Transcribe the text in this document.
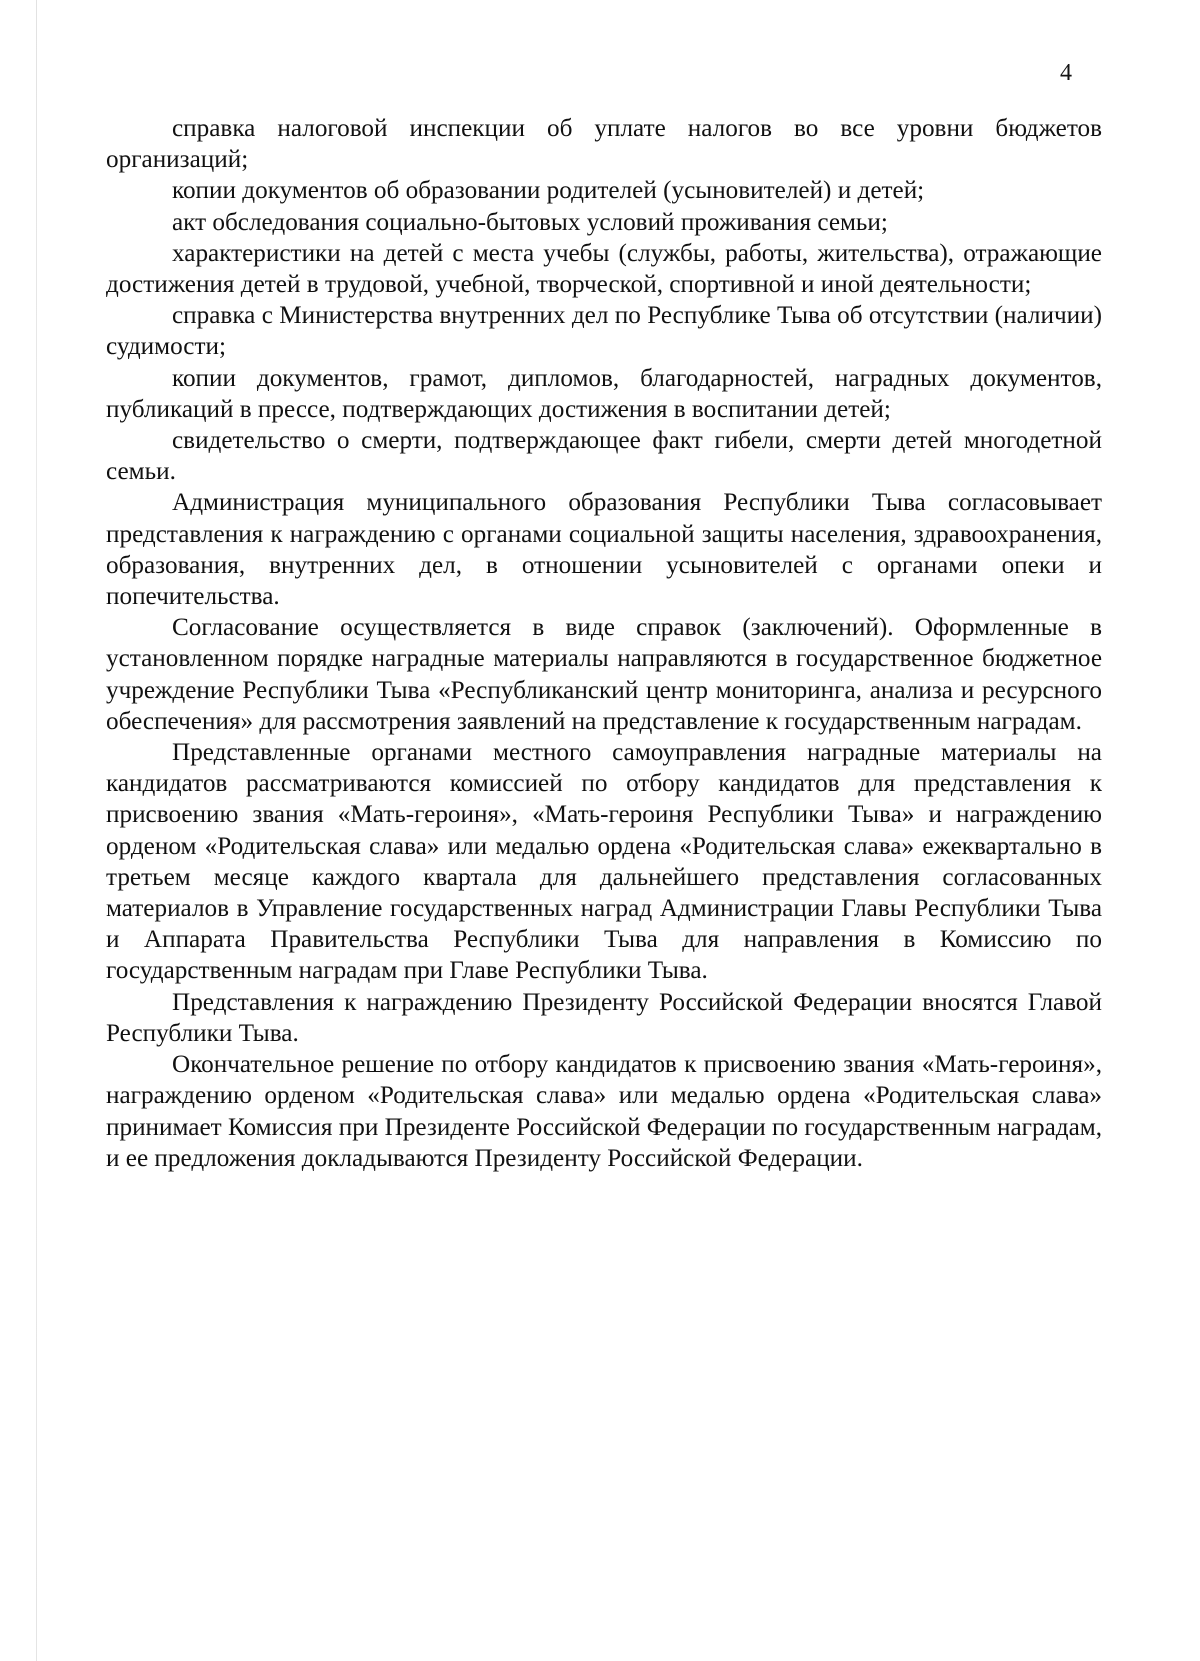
4

справка налоговой инспекции об уплате налогов во все уровни бюджетов организаций;

копии документов об образовании родителей (усыновителей) и детей;

акт обследования социально-бытовых условий проживания семьи;

характеристики на детей с места учебы (службы, работы, жительства), отражающие достижения детей в трудовой, учебной, творческой, спортивной и иной деятельности;

справка с Министерства внутренних дел по Республике Тыва об отсутствии (наличии) судимости;

копии документов, грамот, дипломов, благодарностей, наградных документов, публикаций в прессе, подтверждающих достижения в воспитании детей;

свидетельство о смерти, подтверждающее факт гибели, смерти детей многодетной семьи.

Администрация муниципального образования Республики Тыва согласовывает представления к награждению с органами социальной защиты населения, здравоохранения, образования, внутренних дел, в отношении усыновителей с органами опеки и попечительства.

Согласование осуществляется в виде справок (заключений). Оформленные в установленном порядке наградные материалы направляются в государственное бюджетное учреждение Республики Тыва «Республиканский центр мониторинга, анализа и ресурсного обеспечения» для рассмотрения заявлений на представление к государственным наградам.

Представленные органами местного самоуправления наградные материалы на кандидатов рассматриваются комиссией по отбору кандидатов для представления к присвоению звания «Мать-героиня», «Мать-героиня Республики Тыва» и награждению орденом «Родительская слава» или медалью ордена «Родительская слава» ежеквартально в третьем месяце каждого квартала для дальнейшего представления согласованных материалов в Управление государственных наград Администрации Главы Республики Тыва и Аппарата Правительства Республики Тыва для направления в Комиссию по государственным наградам при Главе Республики Тыва.

Представления к награждению Президенту Российской Федерации вносятся Главой Республики Тыва.

Окончательное решение по отбору кандидатов к присвоению звания «Мать-героиня», награждению орденом «Родительская слава» или медалью ордена «Родительская слава» принимает Комиссия при Президенте Российской Федерации по государственным наградам, и ее предложения докладываются Президенту Российской Федерации.
